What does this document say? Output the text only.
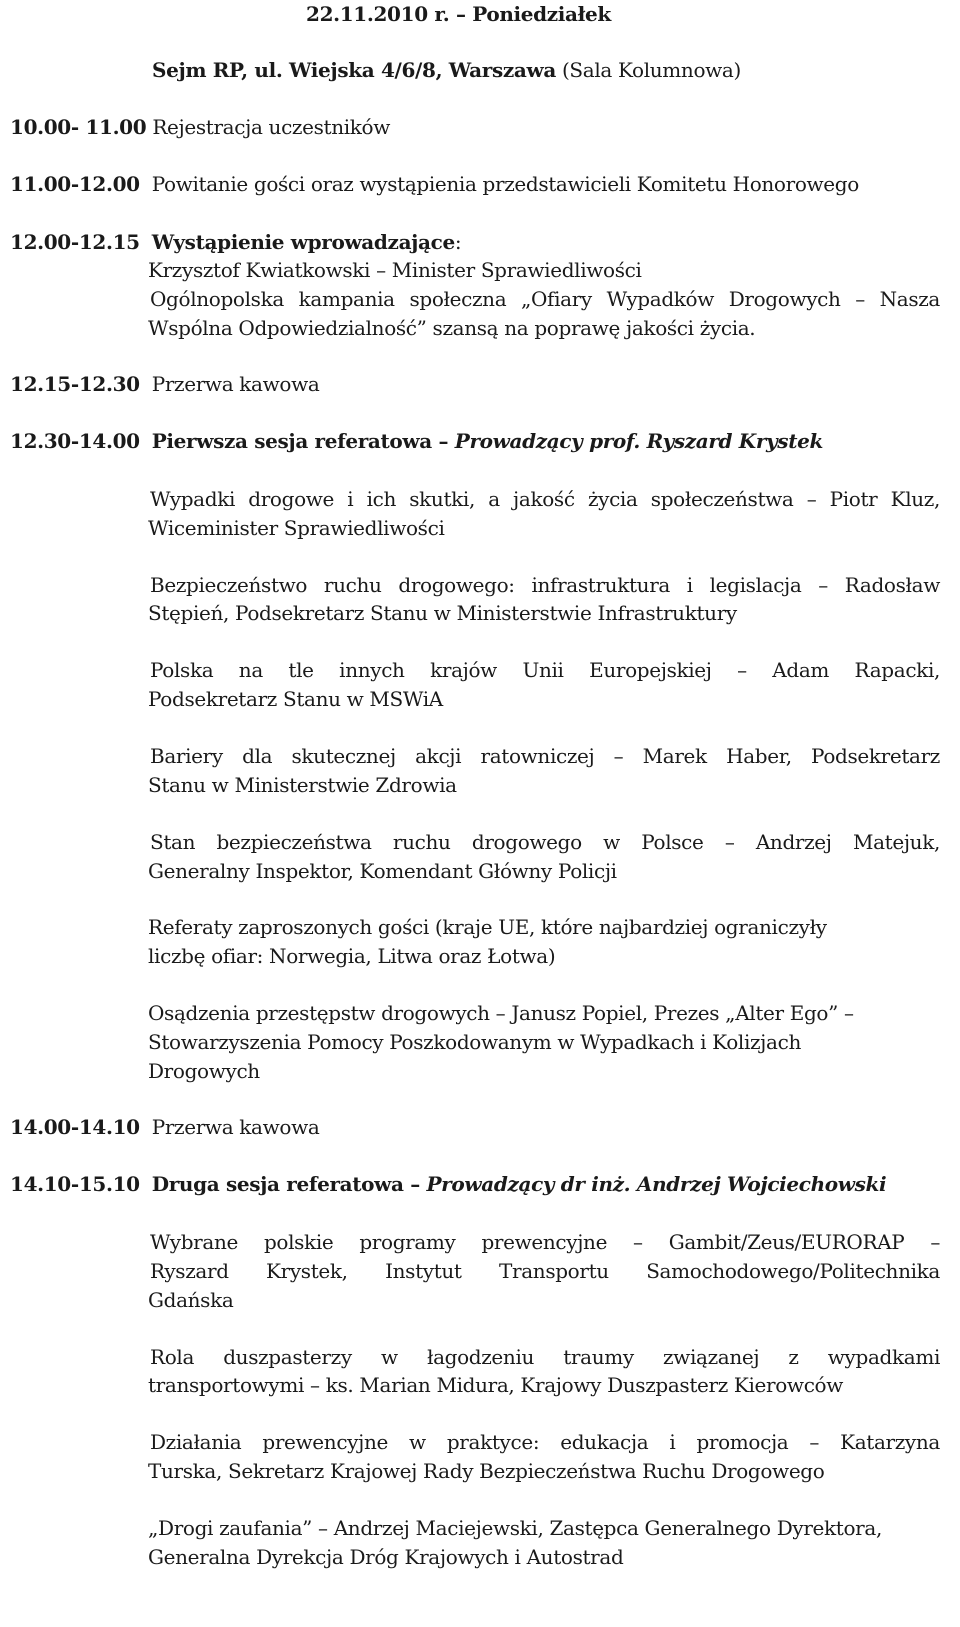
22.11.2010 r. – Poniedziałek
Sejm RP, ul. Wiejska 4/6/8, Warszawa (Sala Kolumnowa)
10.00- 11.00 Rejestracja uczestników
11.00-12.00 Powitanie gości oraz wystąpienia przedstawicieli Komitetu Honorowego
12.00-12.15 Wystąpienie wprowadzające:
Krzysztof Kwiatkowski – Minister Sprawiedliwości
Ogólnopolska kampania społeczna „Ofiary Wypadków Drogowych – Nasza
Wspólna Odpowiedzialność” szansą na poprawę jakości życia.
12.15-12.30 Przerwa kawowa
12.30-14.00 Pierwsza sesja referatowa – Prowadzący prof. Ryszard Krystek
Wypadki drogowe i ich skutki, a jakość życia społeczeństwa – Piotr Kluz,
Wiceminister Sprawiedliwości
Bezpieczeństwo ruchu drogowego: infrastruktura i legislacja – Radosław
Stępień, Podsekretarz Stanu w Ministerstwie Infrastruktury
Polska na tle innych krajów Unii Europejskiej – Adam Rapacki,
Podsekretarz Stanu w MSWiA
Bariery dla skutecznej akcji ratowniczej – Marek Haber, Podsekretarz
Stanu w Ministerstwie Zdrowia
Stan bezpieczeństwa ruchu drogowego w Polsce – Andrzej Matejuk,
Generalny Inspektor, Komendant Główny Policji
Referaty zaproszonych gości (kraje UE, które najbardziej ograniczyły
liczbę ofiar: Norwegia, Litwa oraz Łotwa)
Osądzenia przestępstw drogowych – Janusz Popiel, Prezes „Alter Ego” –
Stowarzyszenia Pomocy Poszkodowanym w Wypadkach i Kolizjach
Drogowych
14.00-14.10 Przerwa kawowa
14.10-15.10 Druga sesja referatowa – Prowadzący dr inż. Andrzej Wojciechowski
Wybrane polskie programy prewencyjne – Gambit/Zeus/EURORAP –
Ryszard Krystek, Instytut Transportu Samochodowego/Politechnika
Gdańska
Rola duszpasterzy w łagodzeniu traumy związanej z wypadkami
transportowymi – ks. Marian Midura, Krajowy Duszpasterz Kierowców
Działania prewencyjne w praktyce: edukacja i promocja – Katarzyna
Turska, Sekretarz Krajowej Rady Bezpieczeństwa Ruchu Drogowego
„Drogi zaufania” – Andrzej Maciejewski, Zastępca Generalnego Dyrektora,
Generalna Dyrekcja Dróg Krajowych i Autostrad
